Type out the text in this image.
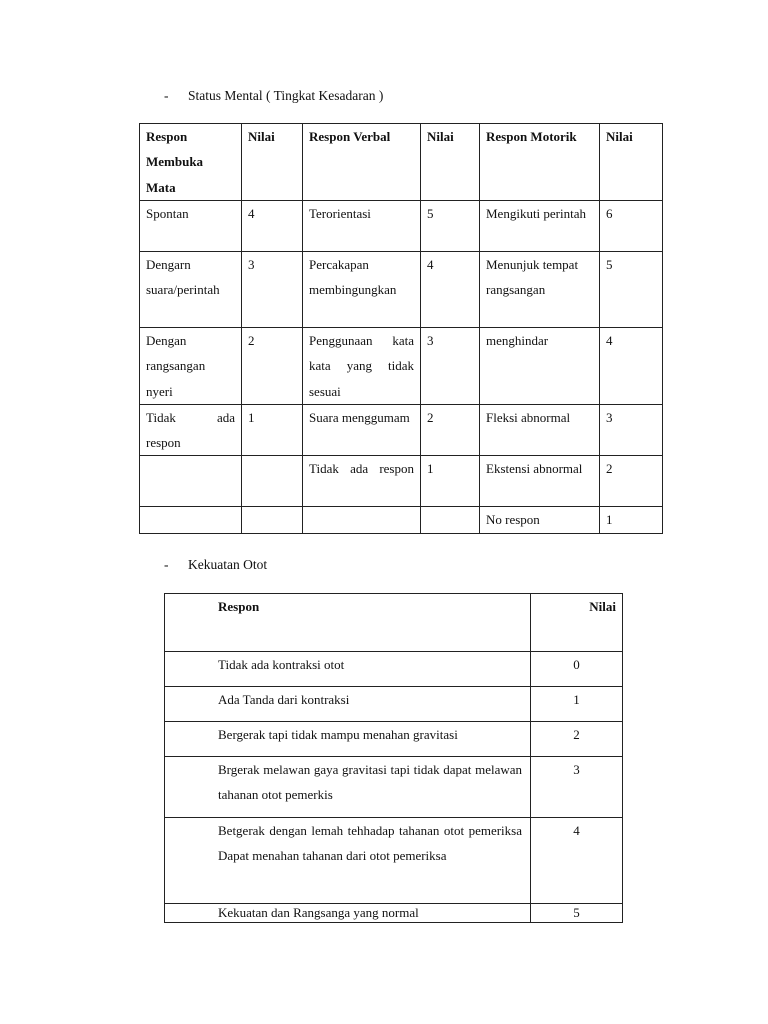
- Status Mental ( Tingkat Kesadaran )
Respon Membuka Mata	Nilai	Respon Verbal	Nilai	Respon Motorik	Nilai
Spontan	4	Terorientasi	5	Mengikuti perintah	6
Dengarn suara/perintah	3	Percakapan membingungkan	4	Menunjuk tempat rangsangan	5
Dengan rangsangan nyeri	2	Penggunaan kata kata yang tidak sesuai	3	menghindar	4
Tidak ada respon	1	Suara menggumam	2	Fleksi abnormal	3
		Tidak ada respon	1	Ekstensi abnormal	2
				No respon	1
- Kekuatan Otot
Respon	Nilai
Tidak ada kontraksi otot	0
Ada Tanda dari kontraksi	1
Bergerak tapi tidak mampu menahan gravitasi	2
Brgerak melawan gaya gravitasi tapi tidak dapat melawan tahanan otot pemerkis	3
Betgerak dengan lemah tehhadap tahanan otot pemeriksa Dapat menahan tahanan dari otot pemeriksa	4
Kekuatan dan Rangsanga yang normal	5
